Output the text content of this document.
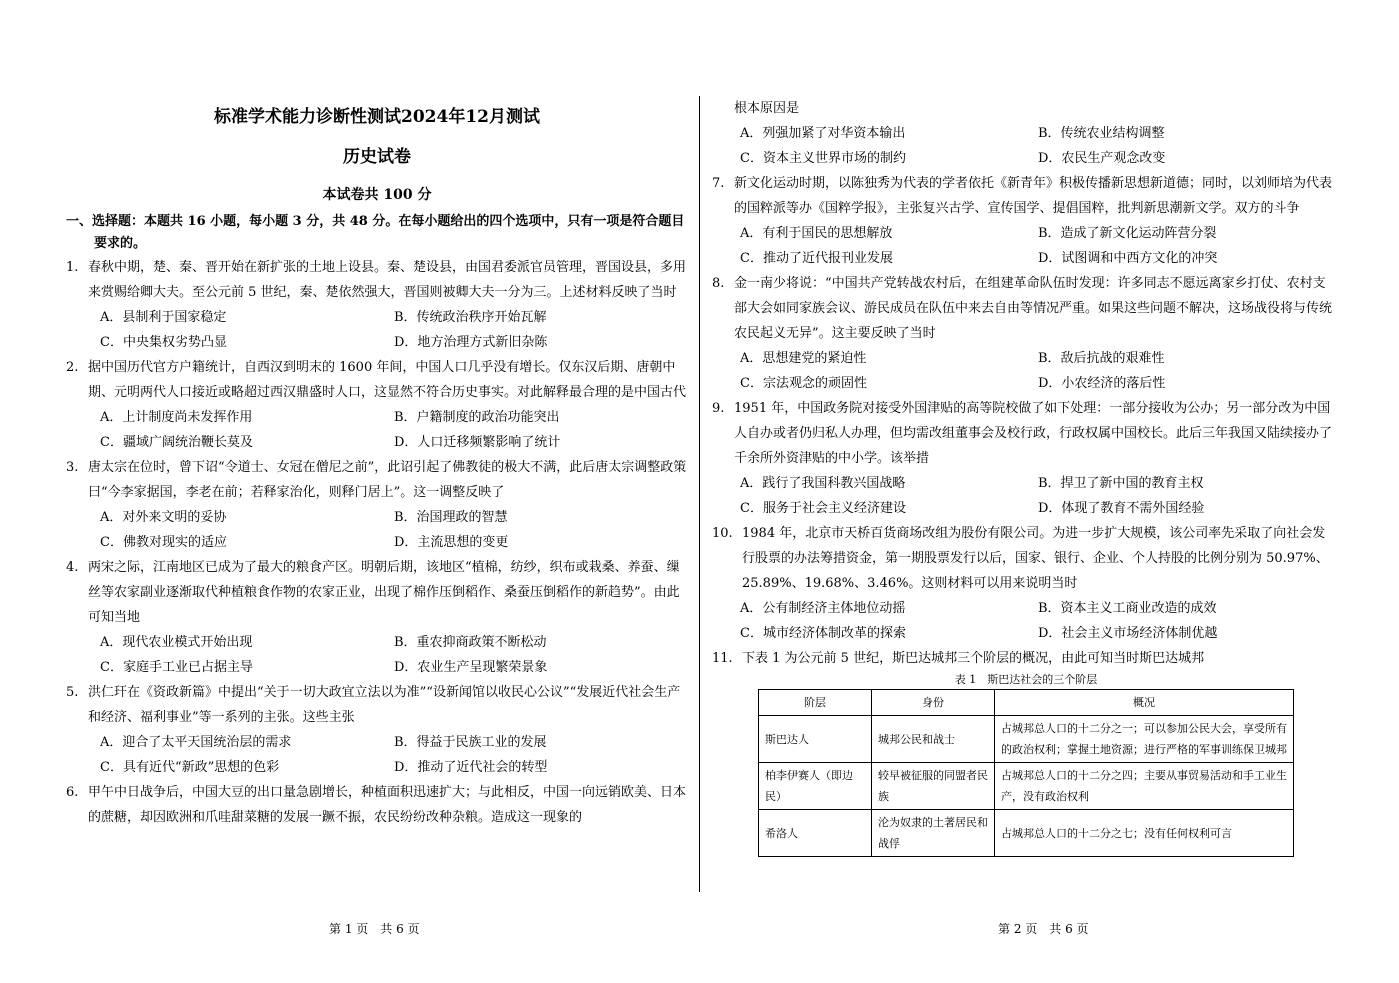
标准学术能力诊断性测试2024年12月测试
历史试卷
本试卷共 100 分
一、选择题：本题共 16 小题，每小题 3 分，共 48 分。在每小题给出的四个选项中，只有一项是符合题目要求的。
1. 春秋中期，楚、秦、晋开始在新扩张的土地上设县。秦、楚设县，由国君委派官员管理，晋国设县，多用来赏赐给卿大夫。至公元前 5 世纪，秦、楚依然强大，晋国则被卿大夫一分为三。上述材料反映了当时
A．县制利于国家稳定	B．传统政治秩序开始瓦解
C．中央集权劣势凸显	D．地方治理方式新旧杂陈
2. 据中国历代官方户籍统计，自西汉到明末的 1600 年间，中国人口几乎没有增长。仅东汉后期、唐朝中期、元明两代人口接近或略超过西汉鼎盛时人口，这显然不符合历史事实。对此解释最合理的是中国古代
A．上计制度尚未发挥作用	B．户籍制度的政治功能突出
C．疆域广阔统治鞭长莫及	D．人口迁移频繁影响了统计
3. 唐太宗在位时，曾下诏“令道士、女冠在僧尼之前”，此诏引起了佛教徒的极大不满，此后唐太宗调整政策曰“今李家据国，李老在前；若释家治化，则释门居上”。这一调整反映了
A．对外来文明的妥协	B．治国理政的智慧
C．佛教对现实的适应	D．主流思想的变更
4. 两宋之际，江南地区已成为了最大的粮食产区。明朝后期，该地区“植棉，纺纱，织布或栽桑、养蚕、缫丝等农家副业逐渐取代种植粮食作物的农家正业，出现了棉作压倒稻作、桑蚕压倒稻作的新趋势”。由此可知当地
A．现代农业模式开始出现	B．重农抑商政策不断松动
C．家庭手工业已占据主导	D．农业生产呈现繁荣景象
5. 洪仁玕在《资政新篇》中提出“关于一切大政宜立法以为准”“设新闻馆以收民心公议”“发展近代社会生产和经济、福利事业”等一系列的主张。这些主张
A．迎合了太平天国统治层的需求	B．得益于民族工业的发展
C．具有近代“新政”思想的色彩	D．推动了近代社会的转型
6. 甲午中日战争后，中国大豆的出口量急剧增长，种植面积迅速扩大；与此相反，中国一向远销欧美、日本的蔗糖，却因欧洲和爪哇甜菜糖的发展一蹶不振，农民纷纷改种杂粮。造成这一现象的
根本原因是
A．列强加紧了对华资本输出	B．传统农业结构调整
C．资本主义世界市场的制约	D．农民生产观念改变
7. 新文化运动时期，以陈独秀为代表的学者依托《新青年》积极传播新思想新道德；同时，以刘师培为代表的国粹派等办《国粹学报》，主张复兴古学、宣传国学、提倡国粹，批判新思潮新文学。双方的斗争
A．有利于国民的思想解放	B．造成了新文化运动阵营分裂
C．推动了近代报刊业发展	D．试图调和中西方文化的冲突
8. 金一南少将说：“中国共产党转战农村后，在组建革命队伍时发现：许多同志不愿远离家乡打仗、农村支部大会如同家族会议、游民成员在队伍中来去自由等情况严重。如果这些问题不解决，这场战役将与传统农民起义无异”。这主要反映了当时
A．思想建党的紧迫性	B．敌后抗战的艰难性
C．宗法观念的顽固性	D．小农经济的落后性
9. 1951 年，中国政务院对接受外国津贴的高等院校做了如下处理：一部分接收为公办；另一部分改为中国人自办或者仍归私人办理，但均需改组董事会及校行政，行政权属中国校长。此后三年我国又陆续接办了千余所外资津贴的中小学。该举措
A．践行了我国科教兴国战略	B．捍卫了新中国的教育主权
C．服务于社会主义经济建设	D．体现了教育不需外国经验
10. 1984 年，北京市天桥百货商场改组为股份有限公司。为进一步扩大规模，该公司率先采取了向社会发行股票的办法筹措资金，第一期股票发行以后，国家、银行、企业、个人持股的比例分别为 50.97%、25.89%、19.68%、3.46%。这则材料可以用来说明当时
A．公有制经济主体地位动摇	B．资本主义工商业改造的成效
C．城市经济体制改革的探索	D．社会主义市场经济体制优越
11. 下表 1 为公元前 5 世纪，斯巴达城邦三个阶层的概况，由此可知当时斯巴达城邦
表 1　斯巴达社会的三个阶层
阶层	身份	概况
斯巴达人	城邦公民和战士	占城邦总人口的十二分之一；可以参加公民大会，享受所有的政治权利；掌握土地资源；进行严格的军事训练保卫城邦
柏李伊赛人（即边民）	较早被征服的同盟者民族	占城邦总人口的十二分之四；主要从事贸易活动和手工业生产，没有政治权利
希洛人	沦为奴隶的土著居民和战俘	占城邦总人口的十二分之七；没有任何权利可言
第 1 页　共 6 页	第 2 页　共 6 页
